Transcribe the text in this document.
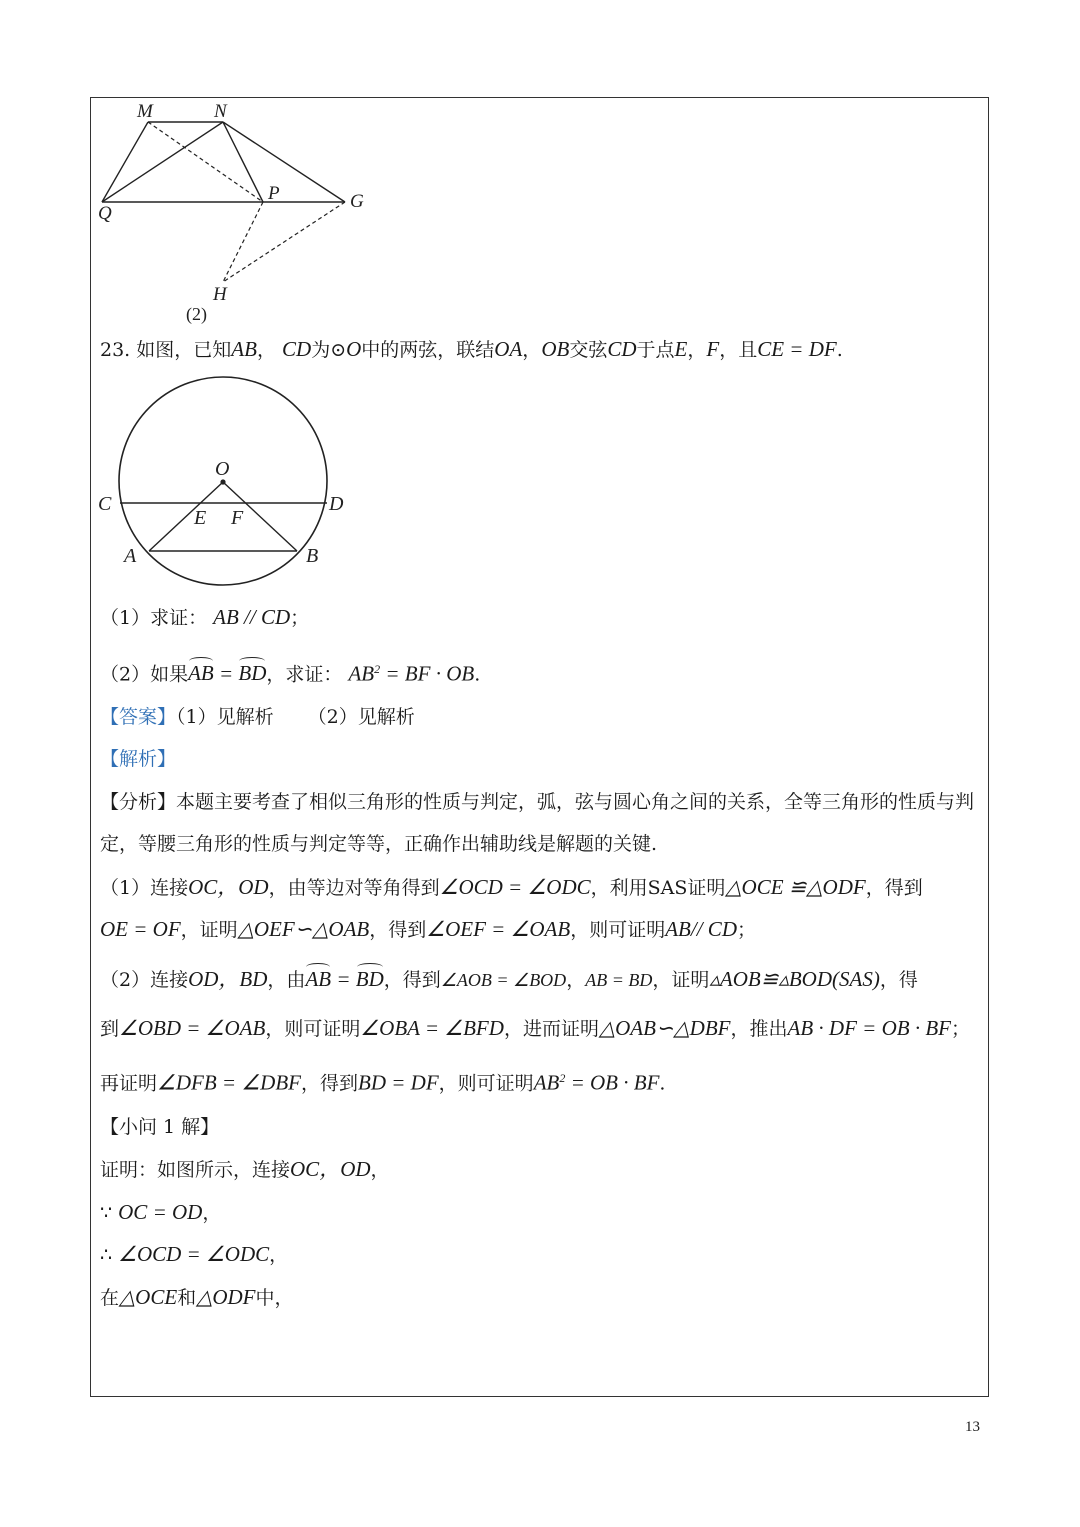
M	N
P
Q
G
H
(2)
23. 如图，已知AB， CD为⊙O中的两弦，联结OA，OB交弦CD于点E，F，且CE = DF.
O
C	D
E F
A	B
（1）求证： AB // CD；
（2）如果AB = BD，求证： $AB^2$ = BF · OB.
【答案】（1）见解析 （2）见解析
【解析】
【分析】本题主要考查了相似三角形的性质与判定，弧，弦与圆心角之间的关系，全等三角形的性质与判
定，等腰三角形的性质与判定等等，正确作出辅助线是解题的关键.
（1）连接OC，OD，由等边对等角得到∠OCD = ∠ODC，利用SAS证明△OCE ≌△ODF，得到
OE = OF，证明△OEF∽△OAB，得到∠OEF = ∠OAB，则可证明AB// CD；
（2）连接OD，BD，由AB = BD，得到∠AOB = ∠BOD，AB = BD，证明▵AOB≌▵BOD(SAS)，得
到∠OBD = ∠OAB，则可证明∠OBA = ∠BFD，进而证明△OAB∽△DBF，推出AB · DF = OB · BF；
再证明∠DFB = ∠DBF，得到BD = DF，则可证明$AB^2$ = OB · BF.
【小问 1 解】
证明：如图所示，连接OC，OD，
∵ OC = OD，
∴ ∠OCD = ∠ODC，
在△OCE和△ODF中，
13
